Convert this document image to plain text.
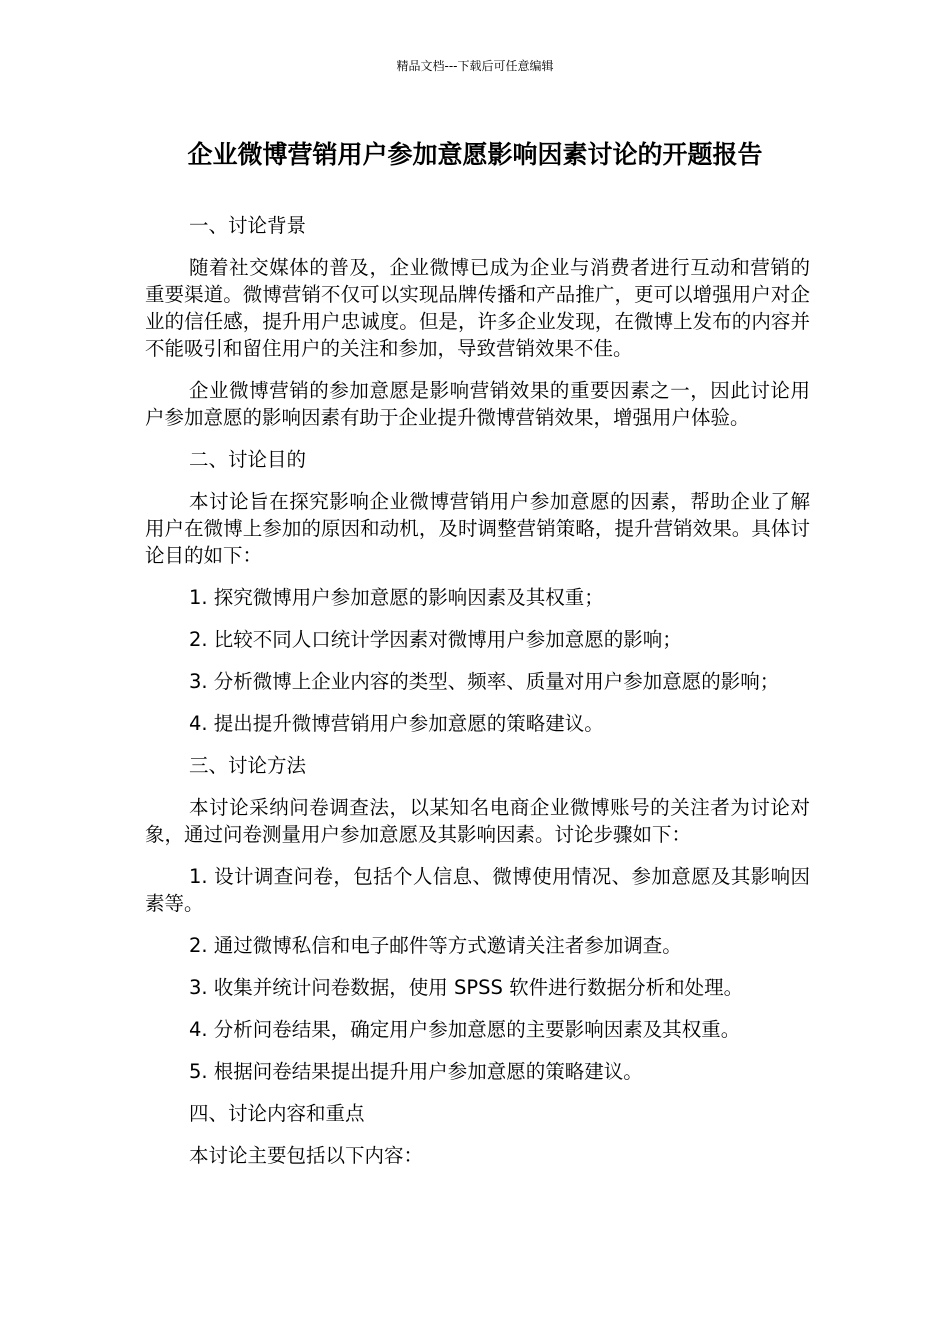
精品文档---下载后可任意编辑
企业微博营销用户参加意愿影响因素讨论的开题报告

一、讨论背景

随着社交媒体的普及，企业微博已成为企业与消费者进行互动和营销的重要渠道。微博营销不仅可以实现品牌传播和产品推广，更可以增强用户对企业的信任感，提升用户忠诚度。但是，许多企业发现，在微博上发布的内容并不能吸引和留住用户的关注和参加，导致营销效果不佳。

企业微博营销的参加意愿是影响营销效果的重要因素之一，因此讨论用户参加意愿的影响因素有助于企业提升微博营销效果，增强用户体验。

二、讨论目的

本讨论旨在探究影响企业微博营销用户参加意愿的因素，帮助企业了解用户在微博上参加的原因和动机，及时调整营销策略，提升营销效果。具体讨论目的如下：

1. 探究微博用户参加意愿的影响因素及其权重；

2. 比较不同人口统计学因素对微博用户参加意愿的影响；

3. 分析微博上企业内容的类型、频率、质量对用户参加意愿的影响；

4. 提出提升微博营销用户参加意愿的策略建议。

三、讨论方法

本讨论采纳问卷调查法，以某知名电商企业微博账号的关注者为讨论对象，通过问卷测量用户参加意愿及其影响因素。讨论步骤如下：

1. 设计调查问卷，包括个人信息、微博使用情况、参加意愿及其影响因素等。

2. 通过微博私信和电子邮件等方式邀请关注者参加调查。

3. 收集并统计问卷数据，使用 SPSS 软件进行数据分析和处理。

4. 分析问卷结果，确定用户参加意愿的主要影响因素及其权重。

5. 根据问卷结果提出提升用户参加意愿的策略建议。

四、讨论内容和重点

本讨论主要包括以下内容：
